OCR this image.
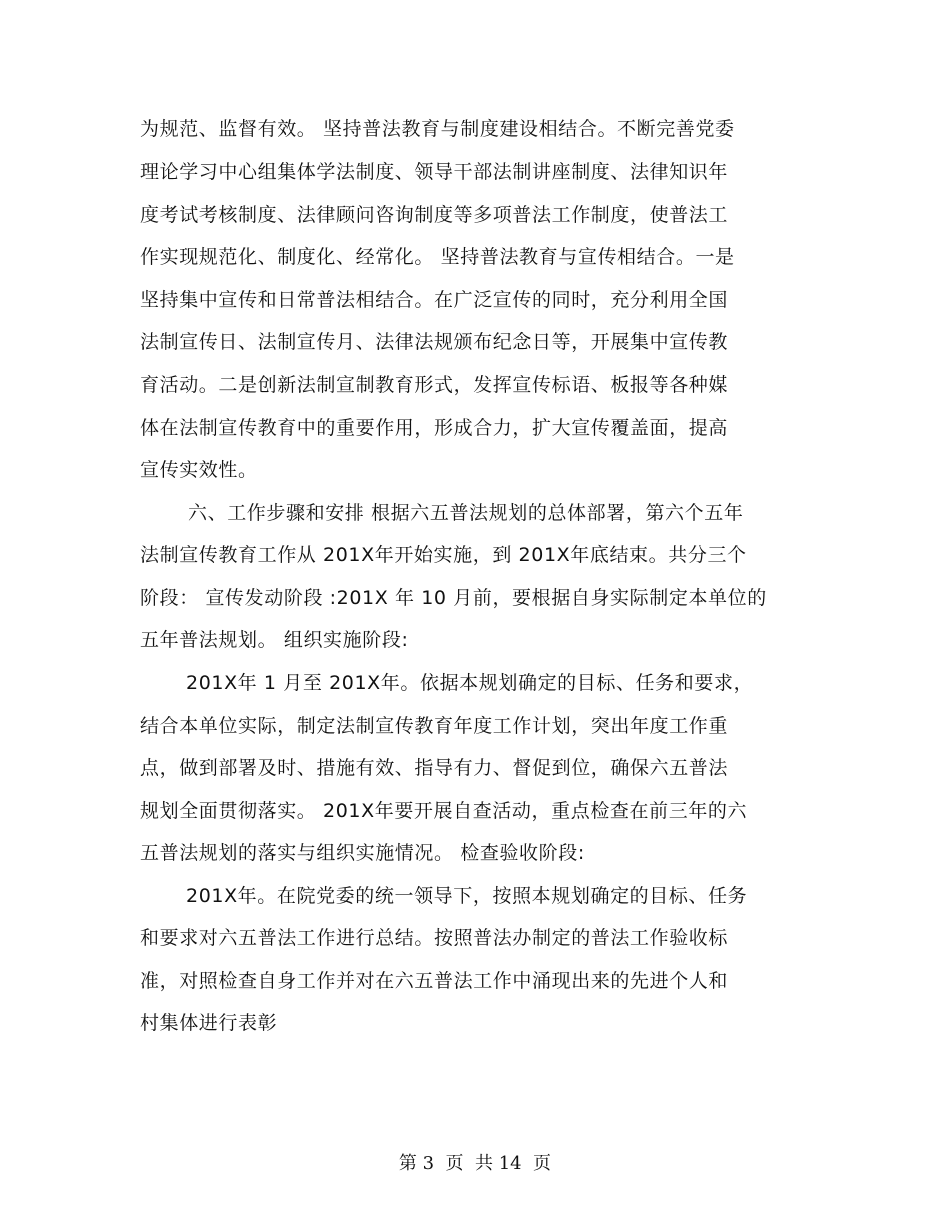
为规范、监督有效。 坚持普法教育与制度建设相结合。不断完善党委
理论学习中心组集体学法制度、领导干部法制讲座制度、法律知识年
度考试考核制度、法律顾问咨询制度等多项普法工作制度，使普法工
作实现规范化、制度化、经常化。 坚持普法教育与宣传相结合。一是
坚持集中宣传和日常普法相结合。在广泛宣传的同时，充分利用全国
法制宣传日、法制宣传月、法律法规颁布纪念日等，开展集中宣传教
育活动。二是创新法制宣制教育形式，发挥宣传标语、板报等各种媒
体在法制宣传教育中的重要作用，形成合力，扩大宣传覆盖面，提高
宣传实效性。
六、工作步骤和安排 根据六五普法规划的总体部署，第六个五年
法制宣传教育工作从 201X年开始实施，到 201X年底结束。共分三个
阶段： 宣传发动阶段 :201X 年 10 月前，要根据自身实际制定本单位的
五年普法规划。 组织实施阶段:
201X年 1 月至 201X年。依据本规划确定的目标、任务和要求，
结合本单位实际，制定法制宣传教育年度工作计划，突出年度工作重
点，做到部署及时、措施有效、指导有力、督促到位，确保六五普法
规划全面贯彻落实。 201X年要开展自查活动，重点检查在前三年的六
五普法规划的落实与组织实施情况。 检查验收阶段:
201X年。在院党委的统一领导下，按照本规划确定的目标、任务
和要求对六五普法工作进行总结。按照普法办制定的普法工作验收标
准，对照检查自身工作并对在六五普法工作中涌现出来的先进个人和
村集体进行表彰
第 3  页  共 14  页
